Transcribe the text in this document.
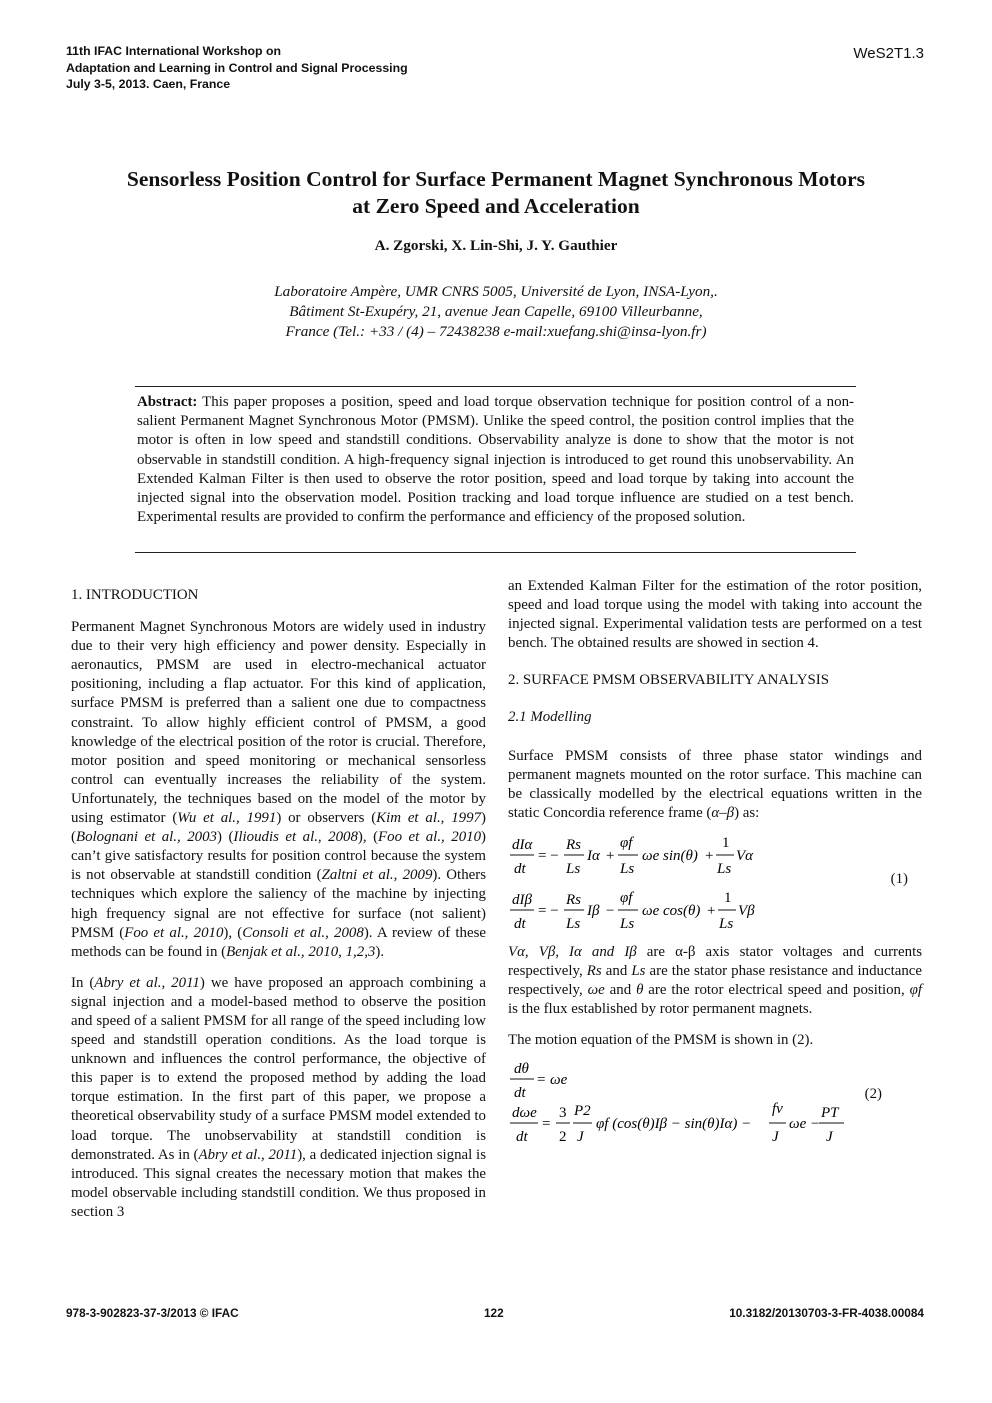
11th IFAC International Workshop on
Adaptation and Learning in Control and Signal Processing
July 3-5, 2013. Caen, France
WeS2T1.3
Sensorless Position Control for Surface Permanent Magnet Synchronous Motors
at Zero Speed and Acceleration
A. Zgorski, X. Lin-Shi, J. Y. Gauthier
Laboratoire Ampère, UMR CNRS 5005, Université de Lyon, INSA-Lyon,.
Bâtiment St-Exupéry, 21, avenue Jean Capelle, 69100 Villeurbanne,
France (Tel.: +33 / (4) – 72438238 e-mail:xuefang.shi@insa-lyon.fr)
Abstract: This paper proposes a position, speed and load torque observation technique for position control of a non-salient Permanent Magnet Synchronous Motor (PMSM). Unlike the speed control, the position control implies that the motor is often in low speed and standstill conditions. Observability analyze is done to show that the motor is not observable in standstill condition. A high-frequency signal injection is introduced to get round this unobservability. An Extended Kalman Filter is then used to observe the rotor position, speed and load torque by taking into account the injected signal into the observation model. Position tracking and load torque influence are studied on a test bench. Experimental results are provided to confirm the performance and efficiency of the proposed solution.

1. INTRODUCTION

Permanent Magnet Synchronous Motors are widely used in industry due to their very high efficiency and power density. Especially in aeronautics, PMSM are used in electro-mechanical actuator positioning, including a flap actuator. For this kind of application, surface PMSM is preferred than a salient one due to compactness constraint. To allow highly efficient control of PMSM, a good knowledge of the electrical position of the rotor is crucial. Therefore, motor position and speed monitoring or mechanical sensorless control can eventually increases the reliability of the system. Unfortunately, the techniques based on the model of the motor by using estimator (Wu et al., 1991) or observers (Kim et al., 1997) (Bolognani et al., 2003) (Ilioudis et al., 2008), (Foo et al., 2010) can’t give satisfactory results for position control because the system is not observable at standstill condition (Zaltni et al., 2009). Others techniques which explore the saliency of the machine by injecting high frequency signal are not effective for surface (not salient) PMSM (Foo et al., 2010), (Consoli et al., 2008). A review of these methods can be found in (Benjak et al., 2010, 1,2,3).

In (Abry et al., 2011) we have proposed an approach combining a signal injection and a model-based method to observe the position and speed of a salient PMSM for all range of the speed including low speed and standstill operation conditions. As the load torque is unknown and influences the control performance, the objective of this paper is to extend the proposed method by adding the load torque estimation. In the first part of this paper, we propose a theoretical observability study of a surface PMSM model extended to load torque. The unobservability at standstill condition is demonstrated. As in (Abry et al., 2011), a dedicated injection signal is introduced. This signal creates the necessary motion that makes the model observable including standstill condition. We thus proposed in section 3

an Extended Kalman Filter for the estimation of the rotor position, speed and load torque using the model with taking into account the injected signal. Experimental validation tests are performed on a test bench. The obtained results are showed in section 4.

2. SURFACE PMSM OBSERVABILITY ANALYSIS

2.1 Modelling

Surface PMSM consists of three phase stator windings and permanent magnets mounted on the rotor surface. This machine can be classically modelled by the electrical equations written in the static Concordia reference frame (α–β) as:

dIα
dt
= −
Rs
Ls
Iα +
φf
Ls
ωe sin(θ) +
1
Ls
Vα
dIβ
dt
= −
Rs
Ls
Iβ −
φf
Ls
ωe cos(θ) +
1
Ls
Vβ
(1)

Vα, Vβ, Iα and Iβ are α-β axis stator voltages and currents respectively, Rs and Ls are the stator phase resistance and inductance respectively, ωe and θ are the rotor electrical speed and position, φf is the flux established by rotor permanent magnets.

The motion equation of the PMSM is shown in (2).

dθ
dt
= ωe
dωe
dt
=
3
2
P2
J
φf (cos(θ)Iβ − sin(θ)Iα) −
fv
J
ωe −
PT
J
(2)
978-3-902823-37-3/2013 © IFAC	122	10.3182/20130703-3-FR-4038.00084
